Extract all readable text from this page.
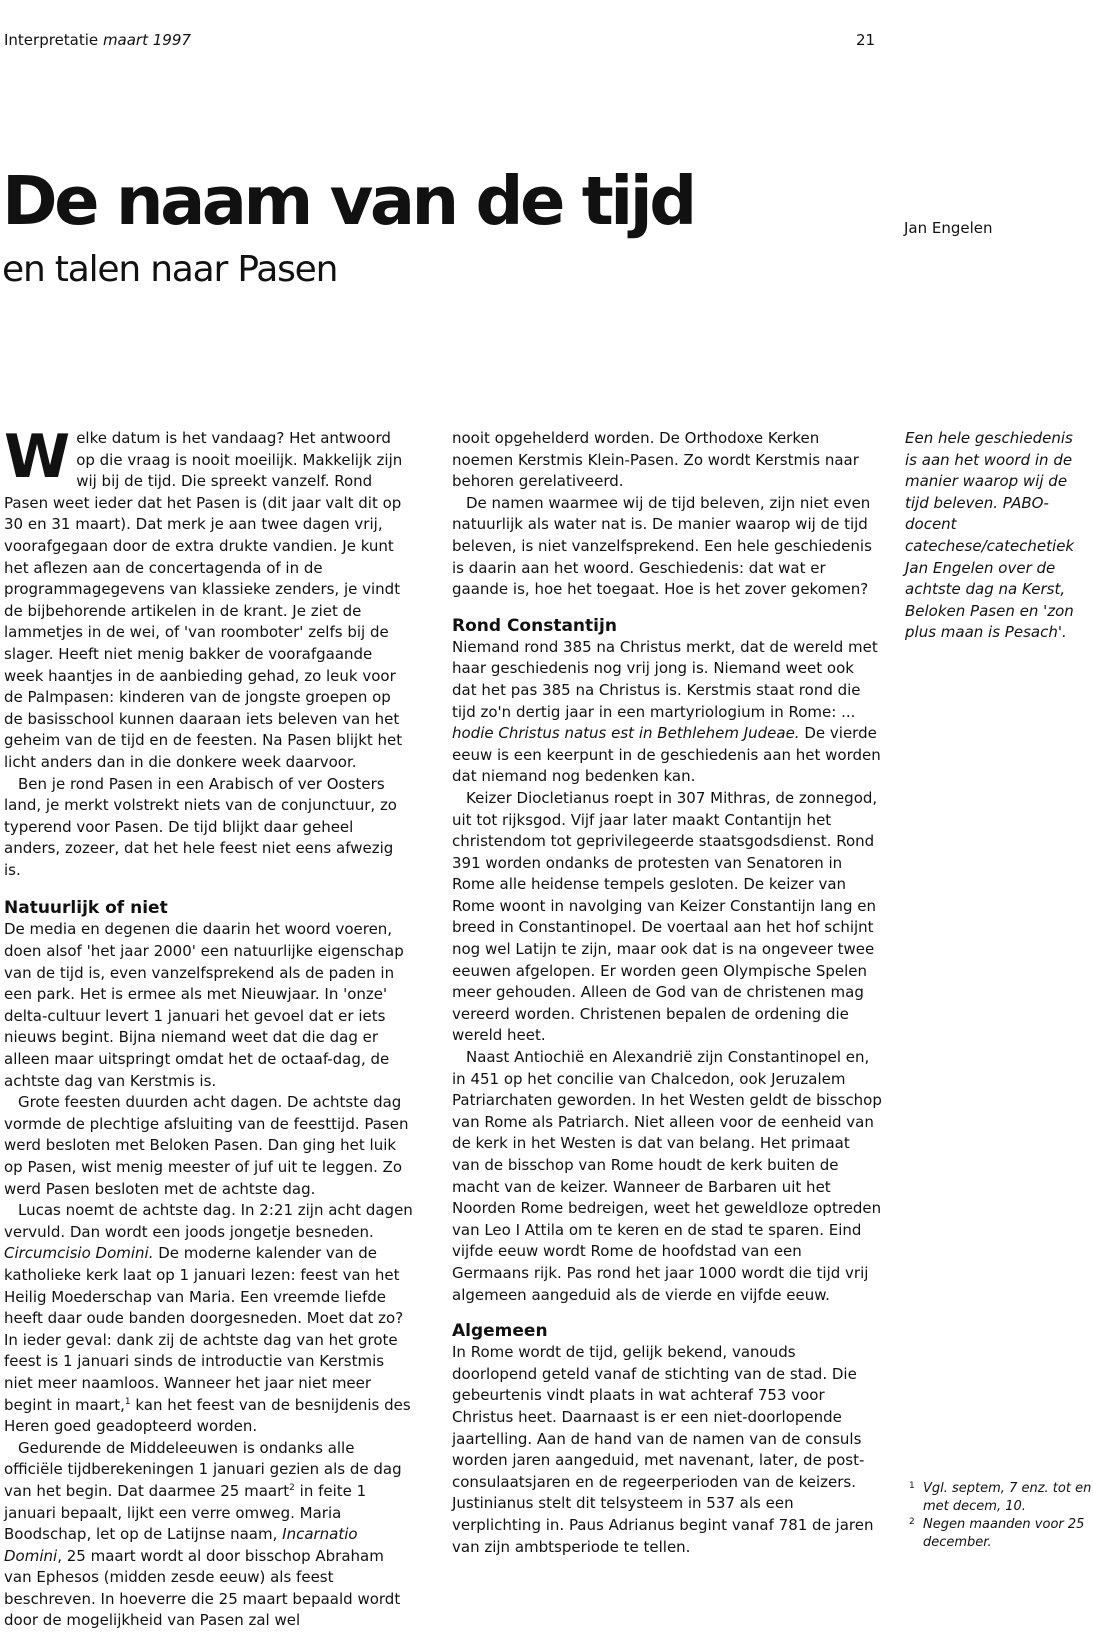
Interpretatie maart 1997	21
De naam van de tijd
en talen naar Pasen
Jan Engelen

Welke datum is het vandaag? Het antwoord op die vraag is nooit moeilijk. Makkelijk zijn wij bij de tijd. Die spreekt vanzelf. Rond Pasen weet ieder dat het Pasen is (dit jaar valt dit op 30 en 31 maart). Dat merk je aan twee dagen vrij, voorafgegaan door de extra drukte vandien. Je kunt het aflezen aan de concertagenda of in de programmagegevens van klassieke zenders, je vindt de bijbehorende artikelen in de krant. Je ziet de lammetjes in de wei, of 'van roomboter' zelfs bij de slager. Heeft niet menig bakker de voorafgaande week haantjes in de aanbieding gehad, zo leuk voor de Palmpasen: kinderen van de jongste groepen op de basisschool kunnen daaraan iets beleven van het geheim van de tijd en de feesten. Na Pasen blijkt het licht anders dan in die donkere week daarvoor.

Ben je rond Pasen in een Arabisch of ver Oosters land, je merkt volstrekt niets van de conjunctuur, zo typerend voor Pasen. De tijd blijkt daar geheel anders, zozeer, dat het hele feest niet eens afwezig is.

Natuurlijk of niet

De media en degenen die daarin het woord voeren, doen alsof 'het jaar 2000' een natuurlijke eigenschap van de tijd is, even vanzelfsprekend als de paden in een park. Het is ermee als met Nieuwjaar. In 'onze' delta-cultuur levert 1 januari het gevoel dat er iets nieuws begint. Bijna niemand weet dat die dag er alleen maar uitspringt omdat het de octaaf-dag, de achtste dag van Kerstmis is.

Grote feesten duurden acht dagen. De achtste dag vormde de plechtige afsluiting van de feesttijd. Pasen werd besloten met Beloken Pasen. Dan ging het luik op Pasen, wist menig meester of juf uit te leggen. Zo werd Pasen besloten met de achtste dag.

Lucas noemt de achtste dag. In 2:21 zijn acht dagen vervuld. Dan wordt een joods jongetje besneden. Circumcisio Domini. De moderne kalender van de katholieke kerk laat op 1 januari lezen: feest van het Heilig Moederschap van Maria. Een vreemde liefde heeft daar oude banden doorgesneden. Moet dat zo? In ieder geval: dank zij de achtste dag van het grote feest is 1 januari sinds de introductie van Kerstmis niet meer naamloos. Wanneer het jaar niet meer begint in maart,$^1$ kan het feest van de besnijdenis des Heren goed geadopteerd worden.

Gedurende de Middeleeuwen is ondanks alle officiële tijdberekeningen 1 januari gezien als de dag van het begin. Dat daarmee 25 maart$^2$ in feite 1 januari bepaalt, lijkt een verre omweg. Maria Boodschap, let op de Latijnse naam, Incarnatio Domini, 25 maart wordt al door bisschop Abraham van Ephesos (midden zesde eeuw) als feest beschreven. In hoeverre die 25 maart bepaald wordt door de mogelijkheid van Pasen zal wel

nooit opgehelderd worden. De Orthodoxe Kerken noemen Kerstmis Klein-Pasen. Zo wordt Kerstmis naar behoren gerelativeerd.

De namen waarmee wij de tijd beleven, zijn niet even natuurlijk als water nat is. De manier waarop wij de tijd beleven, is niet vanzelfsprekend. Een hele geschiedenis is daarin aan het woord. Geschiedenis: dat wat er gaande is, hoe het toegaat. Hoe is het zover gekomen?

Rond Constantijn

Niemand rond 385 na Christus merkt, dat de wereld met haar geschiedenis nog vrij jong is. Niemand weet ook dat het pas 385 na Christus is. Kerstmis staat rond die tijd zo'n dertig jaar in een martyriologium in Rome: ... hodie Christus natus est in Bethlehem Judeae. De vierde eeuw is een keerpunt in de geschiedenis aan het worden dat niemand nog bedenken kan.

Keizer Diocletianus roept in 307 Mithras, de zonnegod, uit tot rijksgod. Vijf jaar later maakt Contantijn het christendom tot geprivilegeerde staatsgodsdienst. Rond 391 worden ondanks de protesten van Senatoren in Rome alle heidense tempels gesloten. De keizer van Rome woont in navolging van Keizer Constantijn lang en breed in Constantinopel. De voertaal aan het hof schijnt nog wel Latijn te zijn, maar ook dat is na ongeveer twee eeuwen afgelopen. Er worden geen Olympische Spelen meer gehouden. Alleen de God van de christenen mag vereerd worden. Christenen bepalen de ordening die wereld heet.

Naast Antiochië en Alexandrië zijn Constantinopel en, in 451 op het concilie van Chalcedon, ook Jeruzalem Patriarchaten geworden. In het Westen geldt de bisschop van Rome als Patriarch. Niet alleen voor de eenheid van de kerk in het Westen is dat van belang. Het primaat van de bisschop van Rome houdt de kerk buiten de macht van de keizer. Wanneer de Barbaren uit het Noorden Rome bedreigen, weet het geweldloze optreden van Leo I Attila om te keren en de stad te sparen. Eind vijfde eeuw wordt Rome de hoofdstad van een Germaans rijk. Pas rond het jaar 1000 wordt die tijd vrij algemeen aangeduid als de vierde en vijfde eeuw.

Algemeen

In Rome wordt de tijd, gelijk bekend, vanouds doorlopend geteld vanaf de stichting van de stad. Die gebeurtenis vindt plaats in wat achteraf 753 voor Christus heet. Daarnaast is er een niet-doorlopende jaartelling. Aan de hand van de namen van de consuls worden jaren aangeduid, met navenant, later, de post-consulaatsjaren en de regeerperioden van de keizers. Justinianus stelt dit telsysteem in 537 als een verplichting in. Paus Adrianus begint vanaf 781 de jaren van zijn ambtsperiode te tellen.

Een hele geschiedenis is aan het woord in de manier waarop wij de tijd beleven. PABO-docent catechese/catechetiek Jan Engelen over de achtste dag na Kerst, Beloken Pasen en 'zon plus maan is Pesach'.
1 Vgl. septem, 7 enz. tot en met decem, 10.
2 Negen maanden voor 25 december.
